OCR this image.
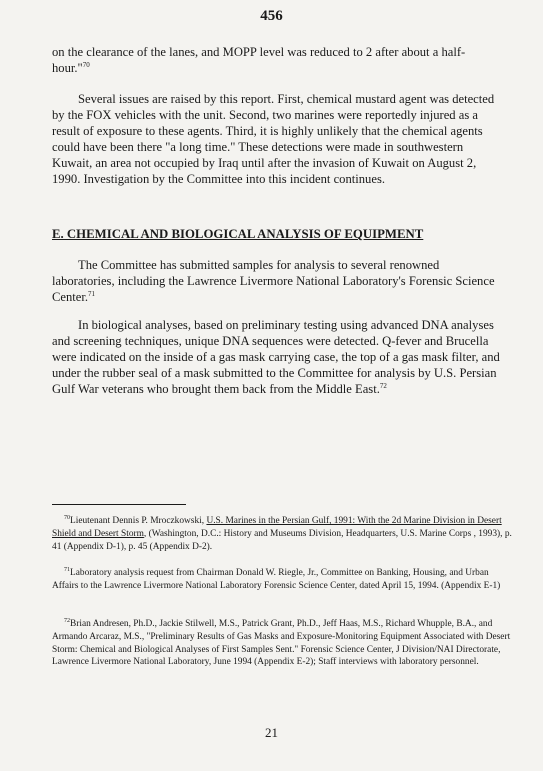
456

on the clearance of the lanes, and MOPP level was reduced to 2 after about a half-hour."$^{70}$

Several issues are raised by this report. First, chemical mustard agent was detected by the FOX vehicles with the unit. Second, two marines were reportedly injured as a result of exposure to these agents. Third, it is highly unlikely that the chemical agents could have been there "a long time." These detections were made in southwestern Kuwait, an area not occupied by Iraq until after the invasion of Kuwait on August 2, 1990. Investigation by the Committee into this incident continues.

E. CHEMICAL AND BIOLOGICAL ANALYSIS OF EQUIPMENT

The Committee has submitted samples for analysis to several renowned laboratories, including the Lawrence Livermore National Laboratory's Forensic Science Center.$^{71}$

In biological analyses, based on preliminary testing using advanced DNA analyses and screening techniques, unique DNA sequences were detected. Q-fever and Brucella were indicated on the inside of a gas mask carrying case, the top of a gas mask filter, and under the rubber seal of a mask submitted to the Committee for analysis by U.S. Persian Gulf War veterans who brought them back from the Middle East.$^{72}$

$^{70}$Lieutenant Dennis P. Mroczkowski, U.S. Marines in the Persian Gulf, 1991: With the 2d Marine Division in Desert Shield and Desert Storm, (Washington, D.C.: History and Museums Division, Headquarters, U.S. Marine Corps , 1993), p. 41 (Appendix D-1), p. 45 (Appendix D-2).

$^{71}$Laboratory analysis request from Chairman Donald W. Riegle, Jr., Committee on Banking, Housing, and Urban Affairs to the Lawrence Livermore National Laboratory Forensic Science Center, dated April 15, 1994. (Appendix E-1)

$^{72}$Brian Andresen, Ph.D., Jackie Stilwell, M.S., Patrick Grant, Ph.D., Jeff Haas, M.S., Richard Whupple, B.A., and Armando Arcaraz, M.S., "Preliminary Results of Gas Masks and Exposure-Monitoring Equipment Associated with Desert Storm: Chemical and Biological Analyses of First Samples Sent." Forensic Science Center, J Division/NAI Directorate, Lawrence Livermore National Laboratory, June 1994 (Appendix E-2); Staff interviews with laboratory personnel.

21
